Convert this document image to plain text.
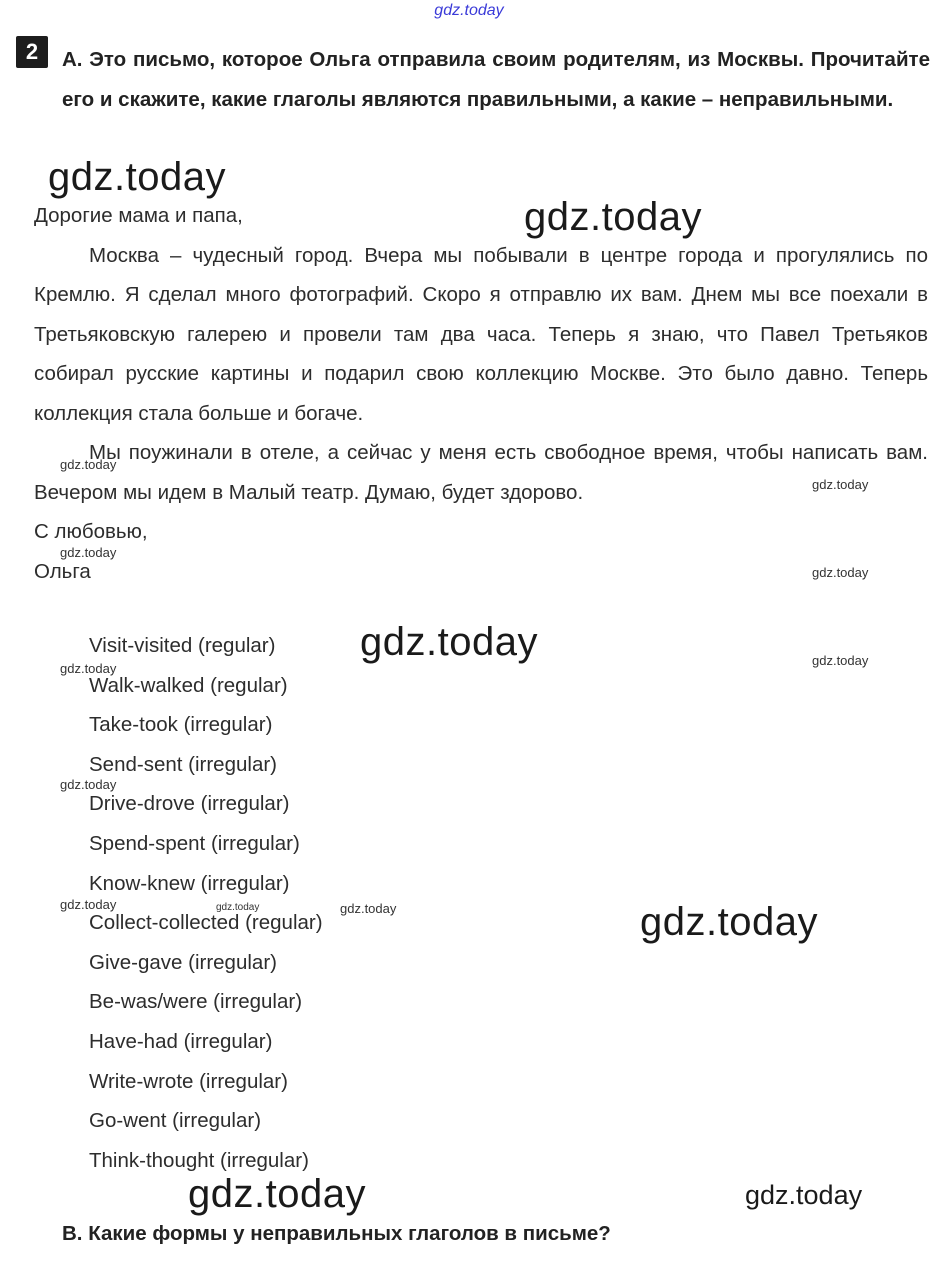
gdz.today
2	A. Это письмо, которое Ольга отправила своим родителям, из Москвы. Прочитайте его и скажите, какие глаголы являются правильными, а какие – неправильными.

Дорогие мама и папа,

Москва – чудесный город. Вчера мы побывали в центре города и прогулялись по Кремлю. Я сделал много фотографий. Скоро я отправлю их вам. Днем мы все поехали в Третьяковскую галерею и провели там два часа. Теперь я знаю, что Павел Третьяков собирал русские картины и подарил свою коллекцию Москве. Это было давно. Теперь коллекция стала больше и богаче.

Мы поужинали в отеле, а сейчас у меня есть свободное время, чтобы написать вам. Вечером мы идем в Малый театр. Думаю, будет здорово.

С любовью,

Ольга

Visit-visited (regular)
Walk-walked (regular)
Take-took (irregular)
Send-sent (irregular)
Drive-drove (irregular)
Spend-spent (irregular)
Know-knew (irregular)
Collect-collected (regular)
Give-gave (irregular)
Be-was/were (irregular)
Have-had (irregular)
Write-wrote (irregular)
Go-went (irregular)
Think-thought (irregular)
B. Какие формы у неправильных глаголов в письме?
gdz.today
gdz.today
gdz.today
gdz.today
gdz.today
gdz.today
gdz.today	gdz.today
gdz.today
gdz.today
gdz.today	gdz.today	gdz.today	gdz.today
gdz.today	gdz.today
